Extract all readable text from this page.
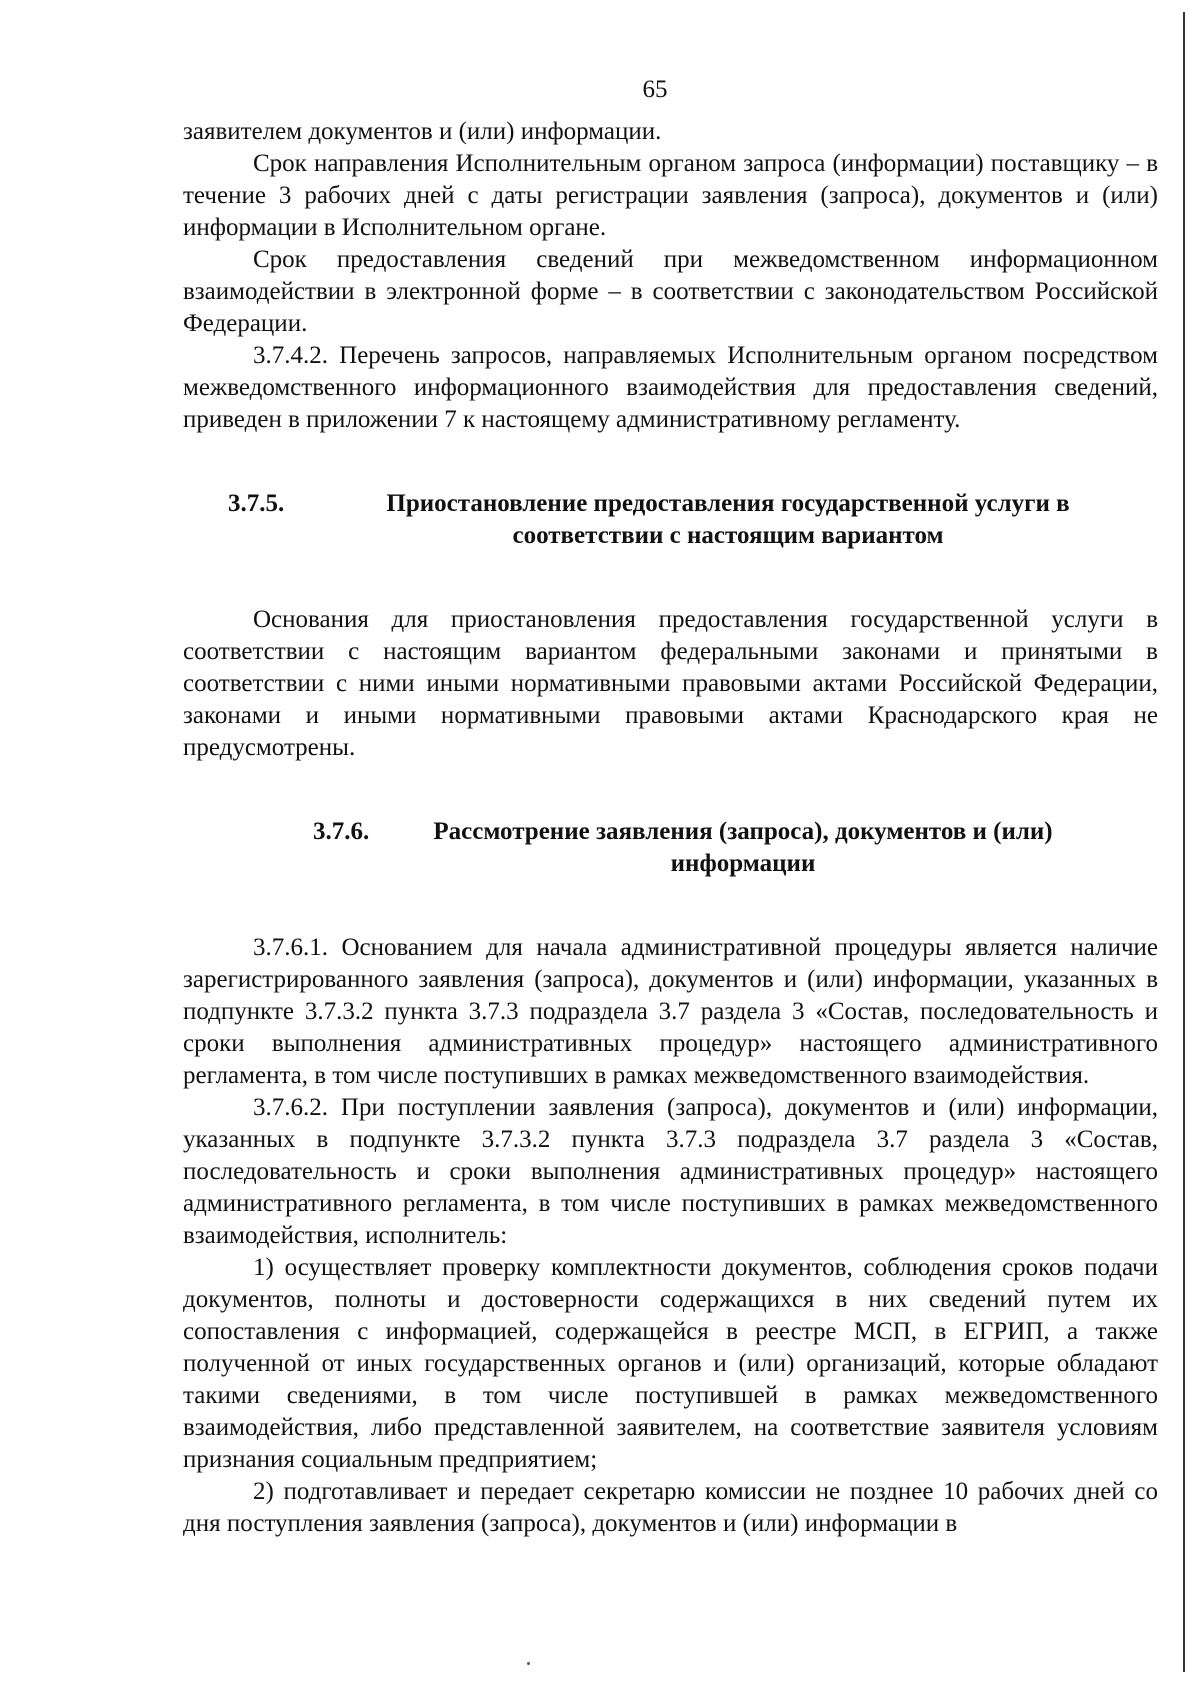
65

заявителем документов и (или) информации.

Срок направления Исполнительным органом запроса (информации) поставщику – в течение 3 рабочих дней с даты регистрации заявления (запроса), документов и (или) информации в Исполнительном органе.

Срок предоставления сведений при межведомственном информационном взаимодействии в электронной форме – в соответствии с законодательством Российской Федерации.

3.7.4.2. Перечень запросов, направляемых Исполнительным органом посредством межведомственного информационного взаимодействия для предоставления сведений, приведен в приложении 7 к настоящему административному регламенту.

3.7.5.	Приостановление предоставления государственной услуги в соответствии с настоящим вариантом

Основания для приостановления предоставления государственной услуги в соответствии с настоящим вариантом федеральными законами и принятыми в соответствии с ними иными нормативными правовыми актами Российской Федерации, законами и иными нормативными правовыми актами Краснодарского края не предусмотрены.

3.7.6.	Рассмотрение заявления (запроса), документов и (или) информации

3.7.6.1. Основанием для начала административной процедуры является наличие зарегистрированного заявления (запроса), документов и (или) информации, указанных в подпункте 3.7.3.2 пункта 3.7.3 подраздела 3.7 раздела 3 «Состав, последовательность и сроки выполнения административных процедур» настоящего административного регламента, в том числе поступивших в рамках межведомственного взаимодействия.

3.7.6.2. При поступлении заявления (запроса), документов и (или) информации, указанных в подпункте 3.7.3.2 пункта 3.7.3 подраздела 3.7 раздела 3 «Состав, последовательность и сроки выполнения административных процедур» настоящего административного регламента, в том числе поступивших в рамках межведомственного взаимодействия, исполнитель:

1) осуществляет проверку комплектности документов, соблюдения сроков подачи документов, полноты и достоверности содержащихся в них сведений путем их сопоставления с информацией, содержащейся в реестре МСП, в ЕГРИП, а также полученной от иных государственных органов и (или) организаций, которые обладают такими сведениями, в том числе поступившей в рамках межведомственного взаимодействия, либо представленной заявителем, на соответствие заявителя условиям признания социальным предприятием;

2) подготавливает и передает секретарю комиссии не позднее 10 рабочих дней со дня поступления заявления (запроса), документов и (или) информации в
